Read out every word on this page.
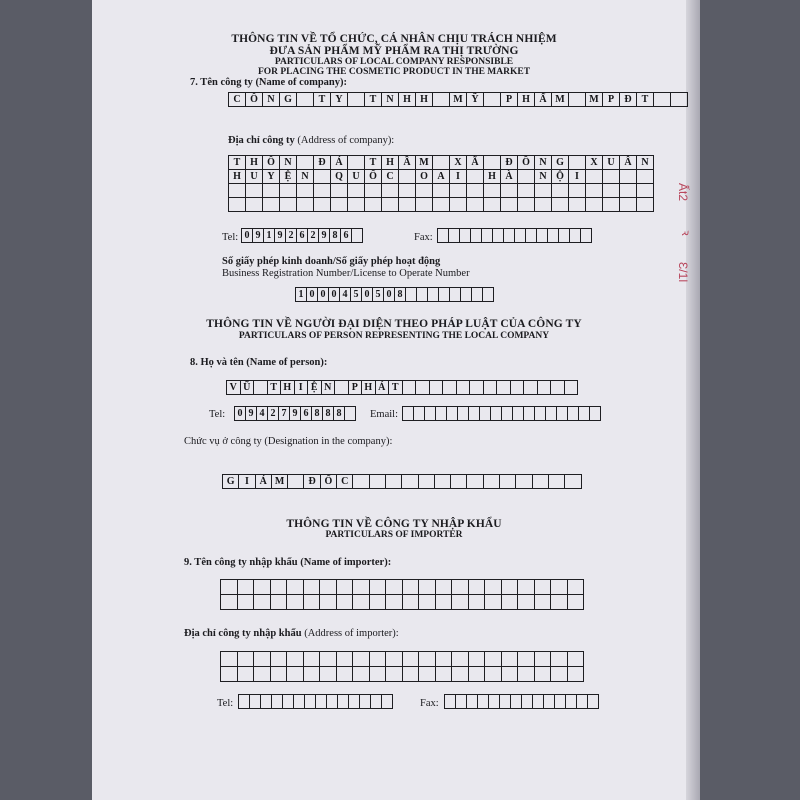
THÔNG TIN VỀ TỔ CHỨC, CÁ NHÂN CHỊU TRÁCH NHIỆM
ĐƯA SẢN PHẨM MỸ PHẨM RA THỊ TRƯỜNG
PARTICULARS OF LOCAL COMPANY RESPONSIBLE
FOR PLACING THE COSMETIC PRODUCT IN THE MARKET
7. Tên công ty (Name of company):
C Ô N G	T	Y	T	N H H	M Ỹ	P	H Ẩ M	M P	Đ	T
Địa chỉ công ty (Address of company):
T H Ô N	Đ Á	T H Ầ M	X Ã	Đ Ồ N G	X U Â N
H U Y	Ệ	N	Q U Ố C	O A	I	H À	N Ộ	I
Tel: 0 9 1 9 2 6 2 9 8 6	Fax:
Số giấy phép kinh doanh/Số giấy phép hoạt động
Business Registration Number/License to Operate Number
1 0 0 0 4 5 0 5 0 8
THÔNG TIN VỀ NGƯỜI ĐẠI DIỆN THEO PHÁP LUẬT CỦA CÔNG TY
PARTICULARS OF PERSON REPRESENTING THE LOCAL COMPANY
8. Họ và tên (Name of person):
V Ũ	T H I Ệ N	P H Á T
Tel:	0 9 4 2 7 9 6 8 8 8	Email:
Chức vụ ở công ty (Designation in the company):
G	I	Á M	Đ Ố C
THÔNG TIN VỀ CÔNG TY NHẬP KHẨU
PARTICULARS OF IMPORTER
9. Tên công ty nhập khẩu (Name of importer):
Địa chỉ công ty nhập khẩu (Address of importer):
Tel:	Fax:
Ất2
ꝛ
Ɛ/1ǀ
